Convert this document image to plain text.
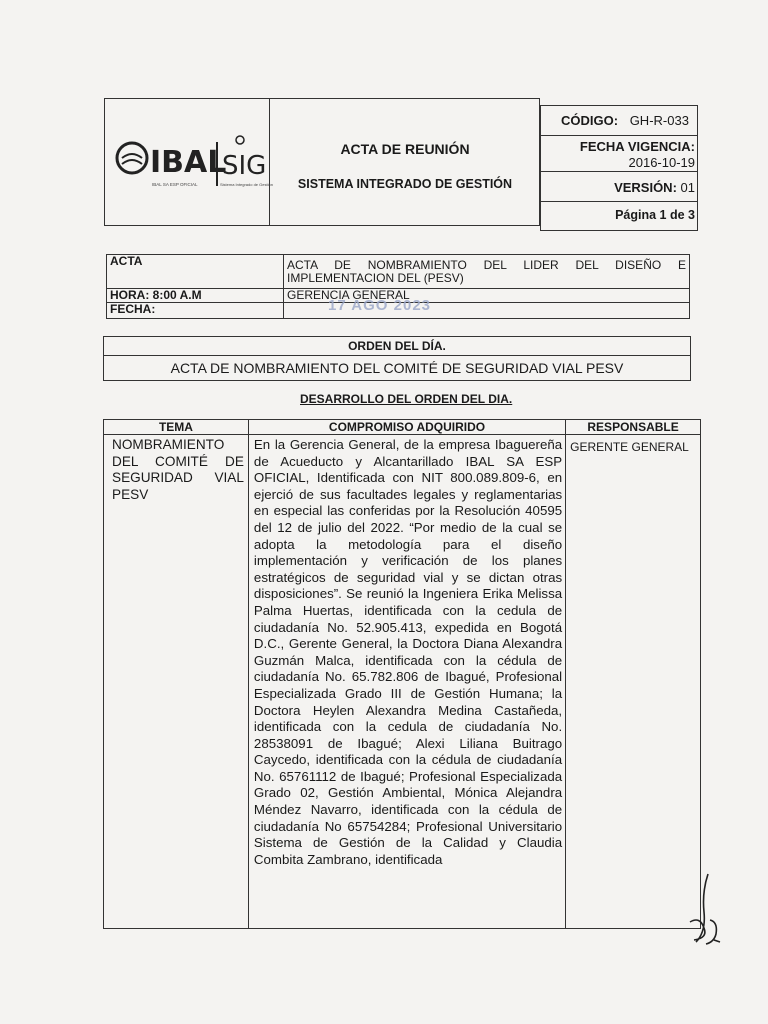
IBAL
SIG
IBAL SA ESP OFICIAL	Sistema Integrado de Gestión
ACTA DE REUNIÓN
SISTEMA INTEGRADO DE GESTIÓN
CÓDIGO: GH-R-033
FECHA VIGENCIA:
2016-10-19
VERSIÓN: 01
Página 1 de 3
ACTA	ACTA DE NOMBRAMIENTO DEL LIDER DEL DISEÑO E
IMPLEMENTACION DEL (PESV)

HORA: 8:00 A.M	GERENCIA GENERAL
FECHA:	17 AGO 2023
ORDEN DEL DÍA.
ACTA DE NOMBRAMIENTO DEL COMITÉ DE SEGURIDAD VIAL PESV
DESARROLLO DEL ORDEN DEL DIA.
TEMA	COMPROMISO ADQUIRIDO	RESPONSABLE
NOMBRAMIENTO DEL COMITÉ DE SEGURIDAD VIAL PESV	En la Gerencia General, de la empresa Ibaguereña de Acueducto y Alcantarillado IBAL SA ESP OFICIAL, Identificada con NIT 800.089.809-6, en ejerció de sus facultades legales y reglamentarias en especial las conferidas por la Resolución 40595 del 12 de julio del 2022. “Por medio de la cual se adopta la metodología para el diseño implementación y verificación de los planes estratégicos de seguridad vial y se dictan otras disposiciones”. Se reunió la Ingeniera Erika Melissa Palma Huertas, identificada con la cedula de ciudadanía No. 52.905.413, expedida en Bogotá D.C., Gerente General, la Doctora Diana Alexandra Guzmán Malca, identificada con la cédula de ciudadanía No. 65.782.806 de Ibagué, Profesional Especializada Grado III de Gestión Humana; la Doctora Heylen Alexandra Medina Castañeda, identificada con la cedula de ciudadanía No. 28538091 de Ibagué; Alexi Liliana Buitrago Caycedo, identificada con la cédula de ciudadanía No. 65761112 de Ibagué; Profesional Especializada Grado 02, Gestión Ambiental, Mónica Alejandra Méndez Navarro, identificada con la cédula de ciudadanía No 65754284; Profesional Universitario Sistema de Gestión de la Calidad y Claudia Combita Zambrano, identificada	GERENTE GENERAL
